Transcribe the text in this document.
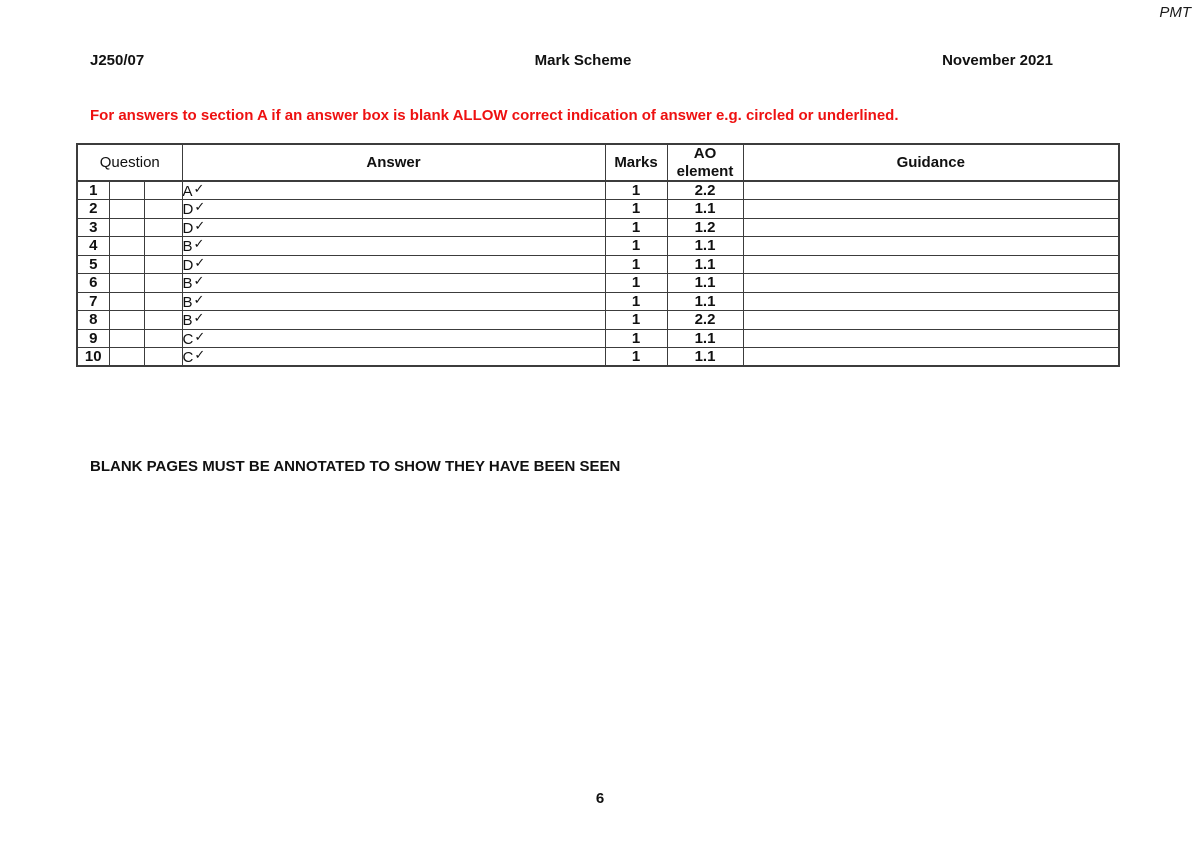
PMT
J250/07	Mark Scheme	November 2021
For answers to section A if an answer box is blank ALLOW correct indication of answer e.g. circled or underlined.
Question			Answer	Marks	AO element	Guidance
1			A✓	1	2.2	
2			D✓	1	1.1	
3			D✓	1	1.2	
4			B✓	1	1.1	
5			D✓	1	1.1	
6			B✓	1	1.1	
7			B✓	1	1.1	
8			B✓	1	2.2	
9			C✓	1	1.1	
10			C✓	1	1.1	
BLANK PAGES MUST BE ANNOTATED TO SHOW THEY HAVE BEEN SEEN
6
